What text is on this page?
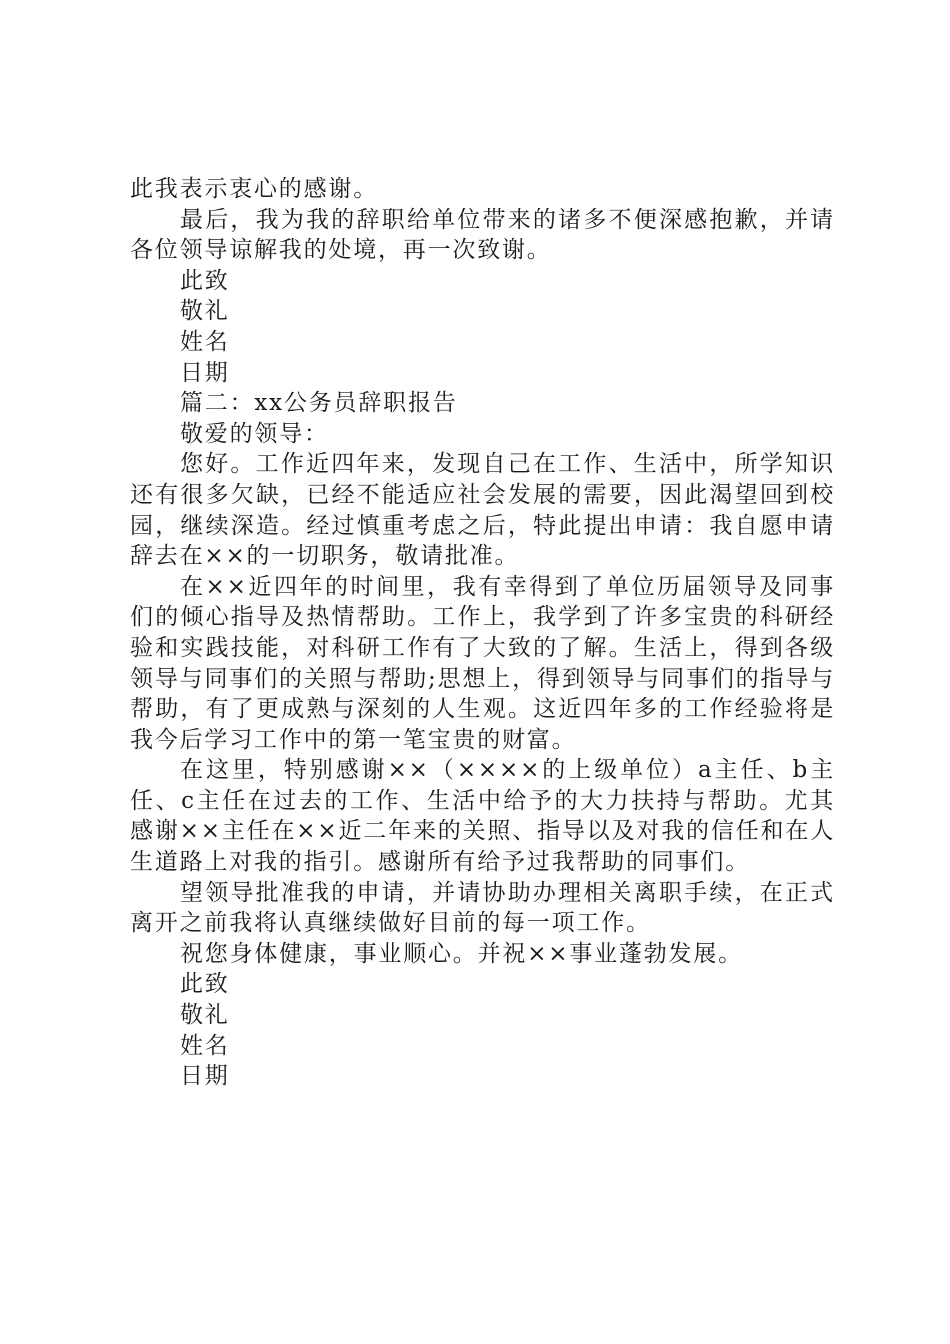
此我表示衷心的感谢。

最后，我为我的辞职给单位带来的诸多不便深感抱歉，并请各位领导谅解我的处境，再一次致谢。

此致

敬礼

姓名

日期

篇二：xx公务员辞职报告

敬爱的领导：

您好。工作近四年来，发现自己在工作、生活中，所学知识还有很多欠缺，已经不能适应社会发展的需要，因此渴望回到校园，继续深造。经过慎重考虑之后，特此提出申请：我自愿申请辞去在××的一切职务，敬请批准。

在××近四年的时间里，我有幸得到了单位历届领导及同事们的倾心指导及热情帮助。工作上，我学到了许多宝贵的科研经验和实践技能，对科研工作有了大致的了解。生活上，得到各级领导与同事们的关照与帮助;思想上，得到领导与同事们的指导与帮助，有了更成熟与深刻的人生观。这近四年多的工作经验将是我今后学习工作中的第一笔宝贵的财富。

在这里，特别感谢××（××××的上级单位）a主任、b主任、c主任在过去的工作、生活中给予的大力扶持与帮助。尤其感谢××主任在××近二年来的关照、指导以及对我的信任和在人生道路上对我的指引。感谢所有给予过我帮助的同事们。

望领导批准我的申请，并请协助办理相关离职手续，在正式离开之前我将认真继续做好目前的每一项工作。

祝您身体健康，事业顺心。并祝××事业蓬勃发展。

此致

敬礼

姓名

日期
